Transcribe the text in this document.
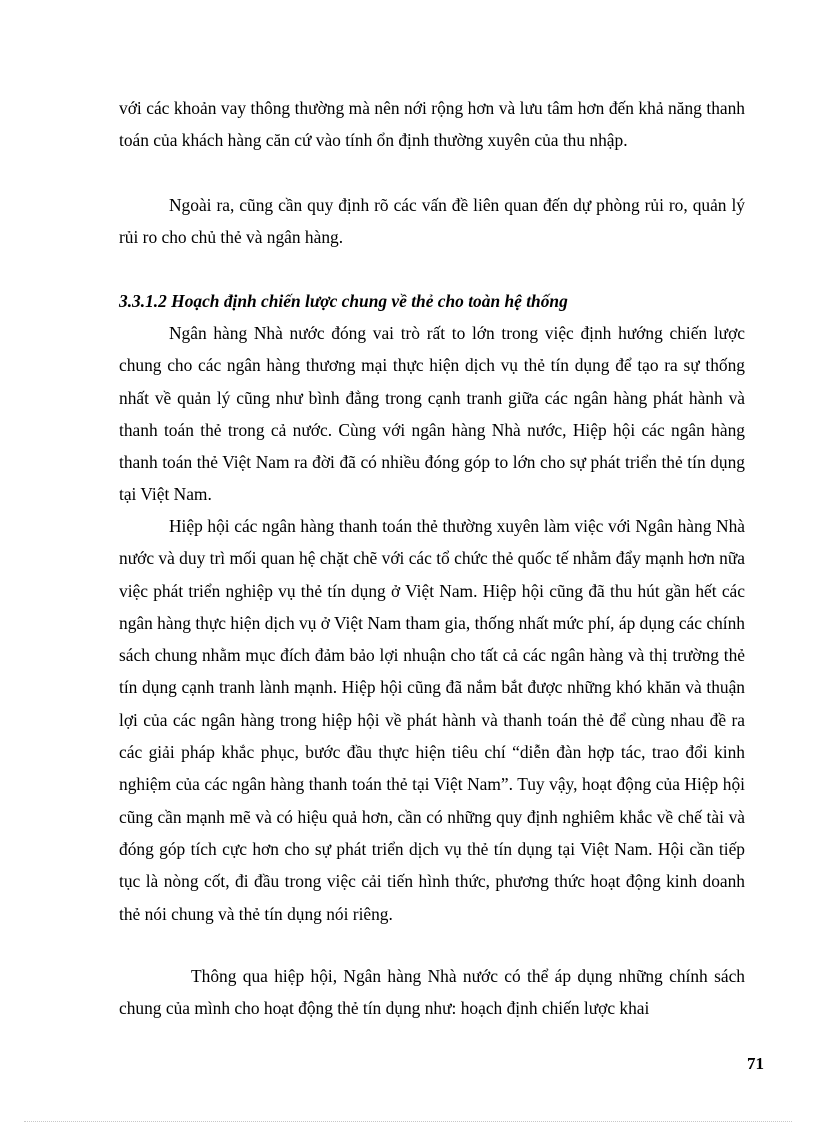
với các khoản vay thông thường mà nên nới rộng hơn và lưu tâm hơn đến khả năng thanh toán của khách hàng căn cứ vào tính ổn định thường xuyên của thu nhập.

Ngoài ra, cũng cần quy định rõ các vấn đề liên quan đến dự phòng rủi ro, quản lý rủi ro cho chủ thẻ và ngân hàng.

3.3.1.2 Hoạch định chiến lược chung về thẻ cho toàn hệ thống

Ngân hàng Nhà nước đóng vai trò rất to lớn trong việc định hướng chiến lược chung cho các ngân hàng thương mại thực hiện dịch vụ thẻ tín dụng để tạo ra sự thống nhất về quản lý cũng như bình đẳng trong cạnh tranh giữa các ngân hàng phát hành và thanh toán thẻ trong cả nước. Cùng với ngân hàng Nhà nước, Hiệp hội các ngân hàng thanh toán thẻ Việt Nam ra đời đã có nhiều đóng góp to lớn cho sự phát triển thẻ tín dụng tại Việt Nam.

Hiệp hội các ngân hàng thanh toán thẻ thường xuyên làm việc với Ngân hàng Nhà nước và duy trì mối quan hệ chặt chẽ với các tổ chức thẻ quốc tế nhằm đẩy mạnh hơn nữa việc phát triển nghiệp vụ thẻ tín dụng ở Việt Nam. Hiệp hội cũng đã thu hút gần hết các ngân hàng thực hiện dịch vụ ở Việt Nam tham gia, thống nhất mức phí, áp dụng các chính sách chung nhằm mục đích đảm bảo lợi nhuận cho tất cả các ngân hàng và thị trường thẻ tín dụng cạnh tranh lành mạnh. Hiệp hội cũng đã nắm bắt được những khó khăn và thuận lợi của các ngân hàng trong hiệp hội về phát hành và thanh toán thẻ để cùng nhau đề ra các giải pháp khắc phục, bước đầu thực hiện tiêu chí “diễn đàn hợp tác, trao đổi kinh nghiệm của các ngân hàng thanh toán thẻ tại Việt Nam”. Tuy vậy, hoạt động của Hiệp hội cũng cần mạnh mẽ và có hiệu quả hơn, cần có những quy định nghiêm khắc về chế tài và đóng góp tích cực hơn cho sự phát triển dịch vụ thẻ tín dụng tại Việt Nam. Hội cần tiếp tục là nòng cốt, đi đầu trong việc cải tiến hình thức, phương thức hoạt động kinh doanh thẻ nói chung và thẻ tín dụng nói riêng.

Thông qua hiệp hội, Ngân hàng Nhà nước có thể áp dụng những chính sách chung của mình cho hoạt động thẻ tín dụng như: hoạch định chiến lược khai

71
